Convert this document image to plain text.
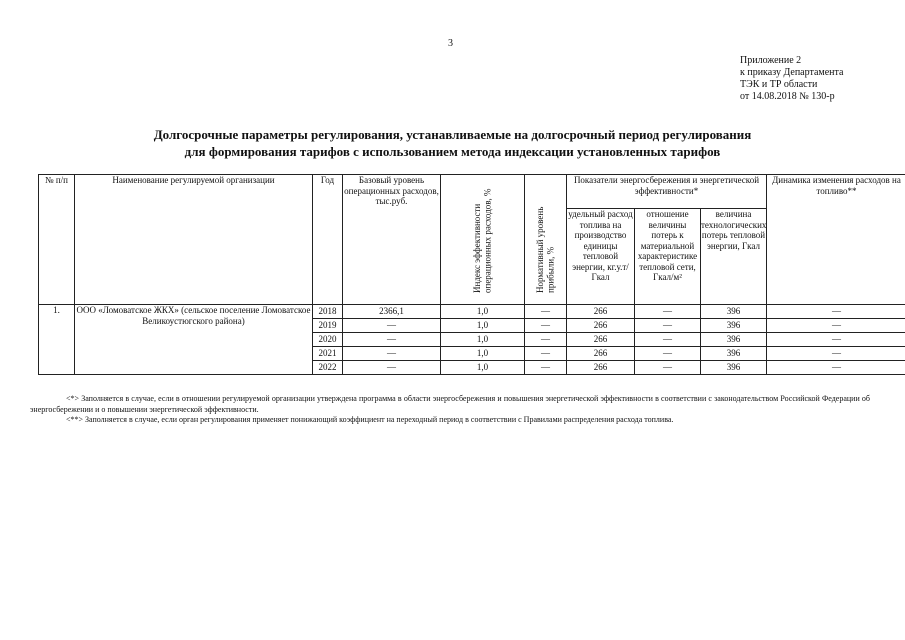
3
Приложение 2
к приказу Департамента
ТЭК и ТР области
от 14.08.2018 № 130-р
Долгосрочные параметры регулирования, устанавливаемые на долгосрочный период регулирования
для формирования тарифов с использованием метода индексации установленных тарифов
№ п/п	Наименование регулируемой организации	Год	Базовый уровень операционных расходов, тыс.руб.	Индекс эффективности операционных расходов, %	Нормативный уровень прибыли, %	Показатели энергосбережения и энергетической эффективности*			Динамика изменения расходов на топливо**
						удельный расход топлива на производство единицы тепловой энергии, кг.у.т/Гкал	отношение величины потерь к материальной характеристике тепловой сети, Гкал/м²	величина технологических потерь тепловой энергии, Гкал	
1.	ООО «Ломоватское ЖКХ» (сельское поселение Ломоватское Великоустюгского района)	2018	2366,1	1,0	—	266	—	396	—
		2019	—	1,0	—	266	—	396	—
		2020	—	1,0	—	266	—	396	—
		2021	—	1,0	—	266	—	396	—
		2022	—	1,0	—	266	—	396	—

<*> Заполняется в случае, если в отношении регулируемой организации утверждена программа в области энергосбережения и повышения энергетической эффективности в соответствии с законодательством Российской Федерации об энергосбережении и о повышении энергетической эффективности.

<**> Заполняется в случае, если орган регулирования применяет понижающий коэффициент на переходный период в соответствии с Правилами распределения расхода топлива.
